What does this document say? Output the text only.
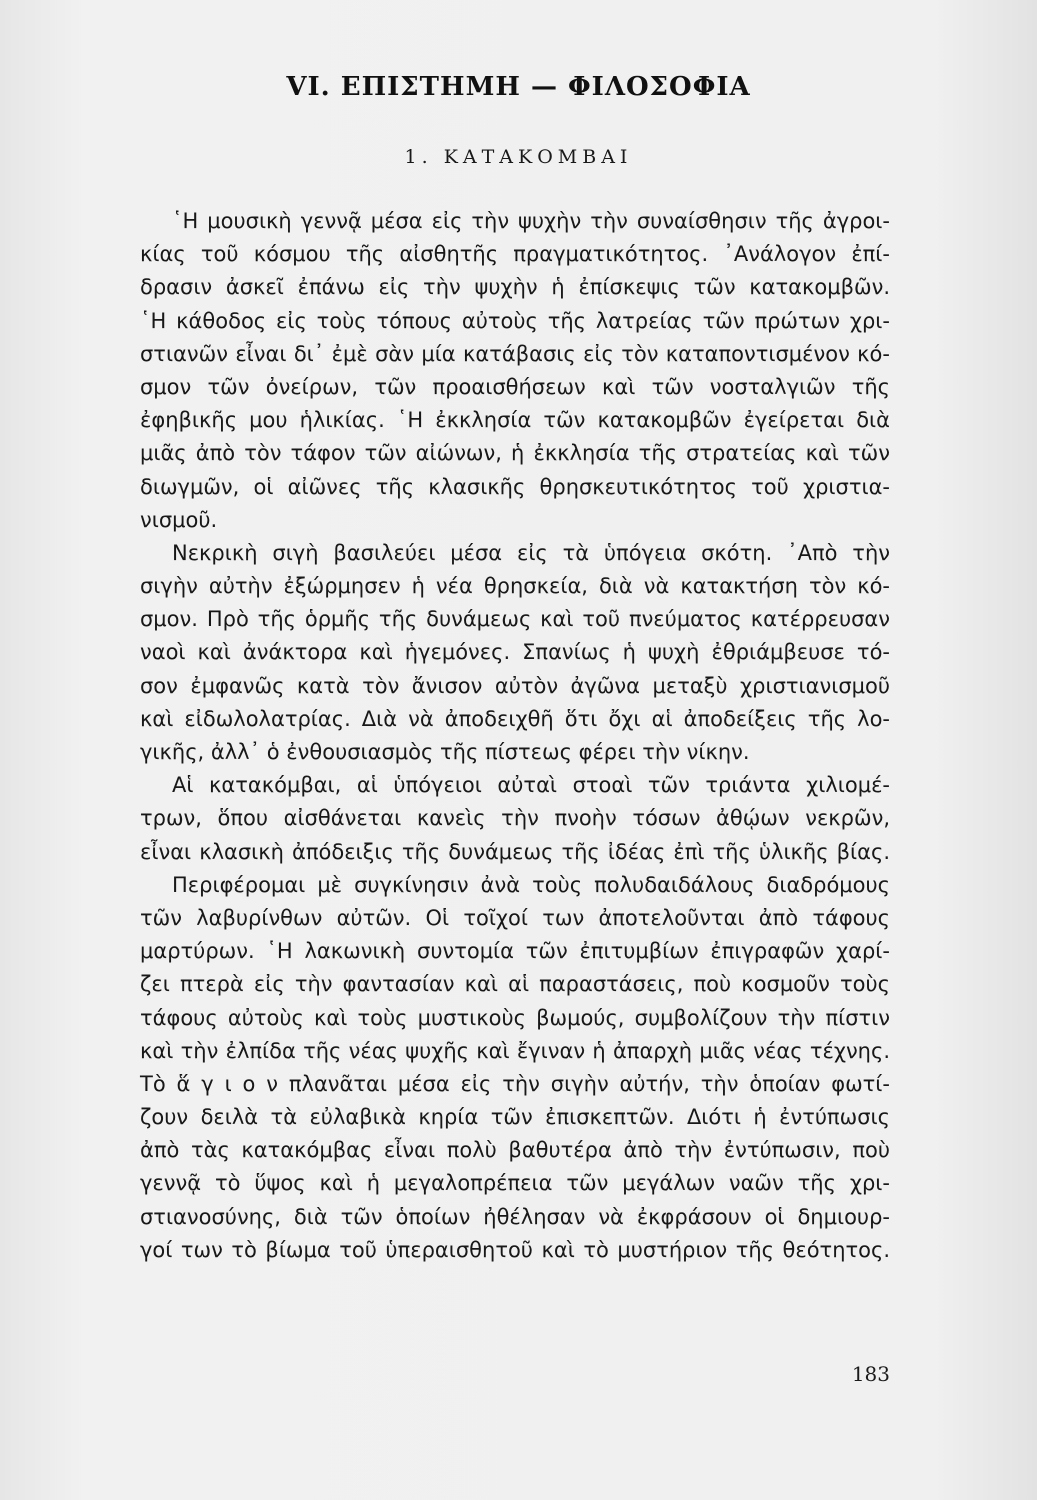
VI. ΕΠΙΣΤΗΜΗ — ΦΙΛΟΣΟΦΙΑ
1. ΚΑΤΑΚΟΜΒΑΙ
῾Η μουσικὴ γεννᾷ μέσα εἰς τὴν ψυχὴν τὴν συναίσθησιν τῆς ἀγροι-
κίας τοῦ κόσμου τῆς αἰσθητῆς πραγματικότητος. ᾿Ανάλογον ἐπί-
δρασιν ἀσκεῖ ἐπάνω εἰς τὴν ψυχὴν ἡ ἐπίσκεψις τῶν κατακομβῶν.
῾Η κάθοδος εἰς τοὺς τόπους αὐτοὺς τῆς λατρείας τῶν πρώτων χρι-
στιανῶν εἶναι δι᾿ ἐμὲ σὰν μία κατάβασις εἰς τὸν καταποντισμένον κό-
σμον τῶν ὀνείρων, τῶν προαισθήσεων καὶ τῶν νοσταλγιῶν τῆς
ἐφηβικῆς μου ἡλικίας. ῾Η ἐκκλησία τῶν κατακομβῶν ἐγείρεται διὰ
μιᾶς ἀπὸ τὸν τάφον τῶν αἰώνων, ἡ ἐκκλησία τῆς στρατείας καὶ τῶν
διωγμῶν, οἱ αἰῶνες τῆς κλασικῆς θρησκευτικότητος τοῦ χριστια-
νισμοῦ.
Νεκρικὴ σιγὴ βασιλεύει μέσα εἰς τὰ ὑπόγεια σκότη. ᾿Απὸ τὴν
σιγὴν αὐτὴν ἐξώρμησεν ἡ νέα θρησκεία, διὰ νὰ κατακτήση τὸν κό-
σμον. Πρὸ τῆς ὁρμῆς τῆς δυνάμεως καὶ τοῦ πνεύματος κατέρρευσαν
ναοὶ καὶ ἀνάκτορα καὶ ἡγεμόνες. Σπανίως ἡ ψυχὴ ἐθριάμβευσε τό-
σον ἐμφανῶς κατὰ τὸν ἄνισον αὐτὸν ἀγῶνα μεταξὺ χριστιανισμοῦ
καὶ εἰδωλολατρίας. Διὰ νὰ ἀποδειχθῆ ὅτι ὄχι αἱ ἀποδείξεις τῆς λο-
γικῆς, ἀλλ᾿ ὁ ἐνθουσιασμὸς τῆς πίστεως φέρει τὴν νίκην.
Αἱ κατακόμβαι, αἱ ὑπόγειοι αὐταὶ στοαὶ τῶν τριάντα χιλιομέ-
τρων, ὅπου αἰσθάνεται κανεὶς τὴν πνοὴν τόσων ἀθῴων νεκρῶν,
εἶναι κλασικὴ ἀπόδειξις τῆς δυνάμεως τῆς ἰδέας ἐπὶ τῆς ὑλικῆς βίας.
Περιφέρομαι μὲ συγκίνησιν ἀνὰ τοὺς πολυδαιδάλους διαδρόμους
τῶν λαβυρίνθων αὐτῶν. Οἱ τοῖχοί των ἀποτελοῦνται ἀπὸ τάφους
μαρτύρων. ῾Η λακωνικὴ συντομία τῶν ἐπιτυμβίων ἐπιγραφῶν χαρί-
ζει πτερὰ εἰς τὴν φαντασίαν καὶ αἱ παραστάσεις, ποὺ κοσμοῦν τοὺς
τάφους αὐτοὺς καὶ τοὺς μυστικοὺς βωμούς, συμβολίζουν τὴν πίστιν
καὶ τὴν ἐλπίδα τῆς νέας ψυχῆς καὶ ἔγιναν ἡ ἀπαρχὴ μιᾶς νέας τέχνης.
Τὸ ἅ γ ι ο ν πλανᾶται μέσα εἰς τὴν σιγὴν αὐτήν, τὴν ὁποίαν φωτί-
ζουν δειλὰ τὰ εὐλαβικὰ κηρία τῶν ἐπισκεπτῶν. Διότι ἡ ἐντύπωσις
ἀπὸ τὰς κατακόμβας εἶναι πολὺ βαθυτέρα ἀπὸ τὴν ἐντύπωσιν, ποὺ
γεννᾷ τὸ ὕψος καὶ ἡ μεγαλοπρέπεια τῶν μεγάλων ναῶν τῆς χρι-
στιανοσύνης, διὰ τῶν ὁποίων ἠθέλησαν νὰ ἐκφράσουν οἱ δημιουρ-
γοί των τὸ βίωμα τοῦ ὑπεραισθητοῦ καὶ τὸ μυστήριον τῆς θεότητος.
183
